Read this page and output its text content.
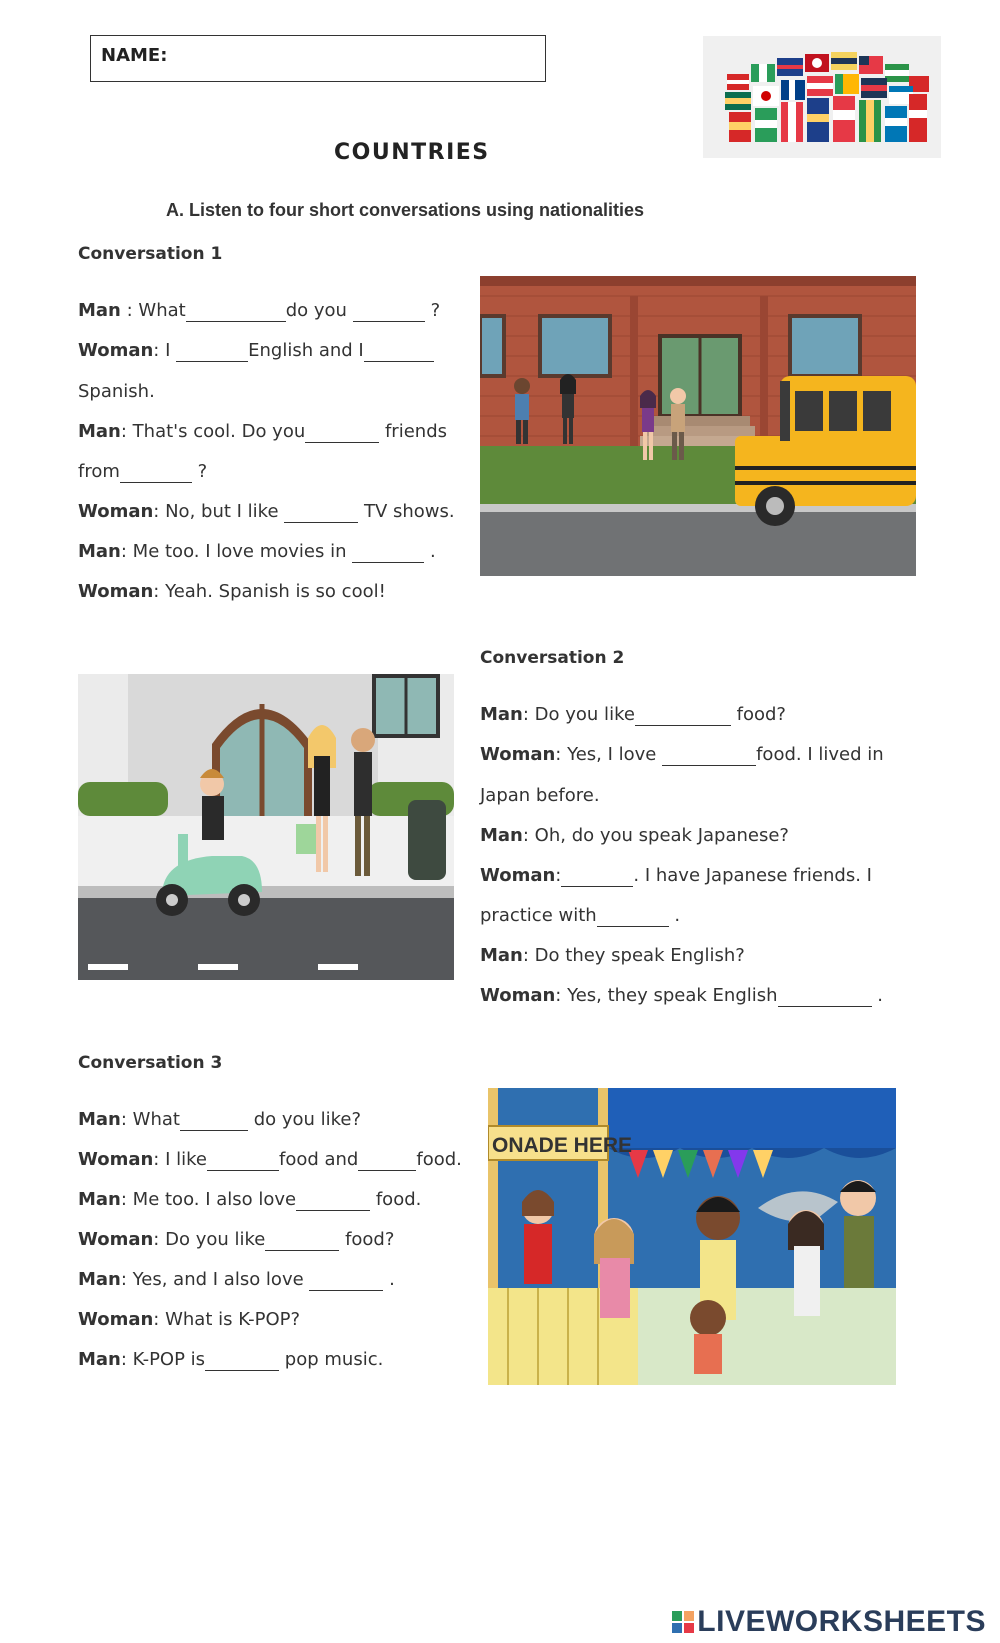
NAME:
COUNTRIES
A. Listen to four short conversations using nationalities
Conversation 1
Man : What	do you	?
Woman: I	English and I
Spanish.
Man: That's cool. Do you	friends
from	?
Woman: No, but I like	TV shows.
Man: Me too. I love movies in	.
Woman: Yeah. Spanish is so cool!
Conversation 2
Man: Do you like	food?
Woman: Yes, I love	food. I lived in
Japan before.
Man: Oh, do you speak Japanese?
Woman:	. I have Japanese friends. I
practice with	.
Man: Do they speak English?
Woman: Yes, they speak English	.
Conversation 3
Man: What	do you like?
Woman: I like	food and	food.
Man: Me too. I also love	food.
Woman: Do you like	food?
Man: Yes, and I also love	.
Woman: What is K-POP?
Man: K-POP is	pop music.
ONADE HERE
LIVEWORKSHEETS
